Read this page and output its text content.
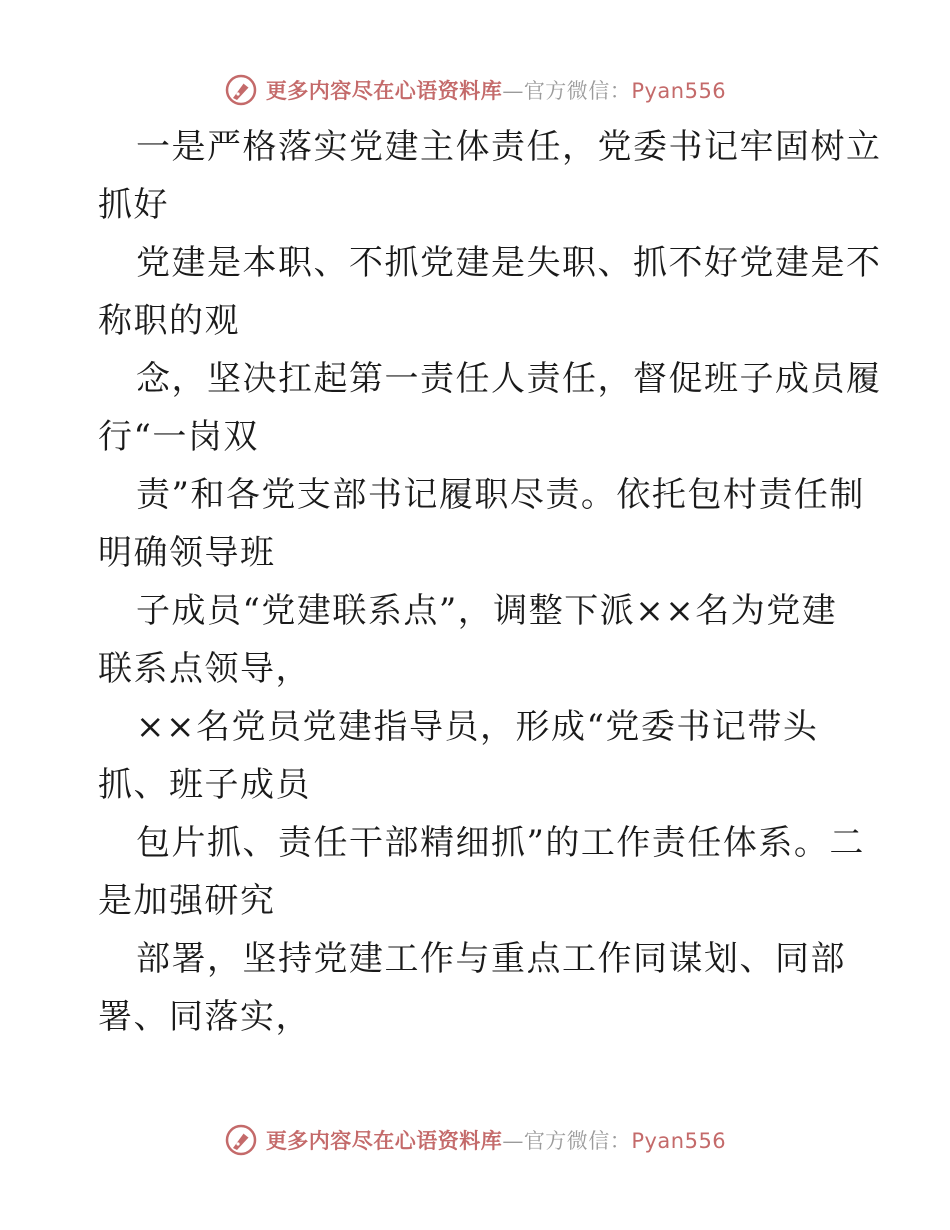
更多内容尽在心语资料库—官方微信：Pyan556
一是严格落实党建主体责任，党委书记牢固树立
抓好
党建是本职、不抓党建是失职、抓不好党建是不
称职的观
念，坚决扛起第一责任人责任，督促班子成员履
行“一岗双
责”和各党支部书记履职尽责。依托包村责任制
明确领导班
子成员“党建联系点”，调整下派××名为党建
联系点领导，
××名党员党建指导员，形成“党委书记带头
抓、班子成员
包片抓、责任干部精细抓”的工作责任体系。二
是加强研究
部署，坚持党建工作与重点工作同谋划、同部
署、同落实，
更多内容尽在心语资料库—官方微信：Pyan556
